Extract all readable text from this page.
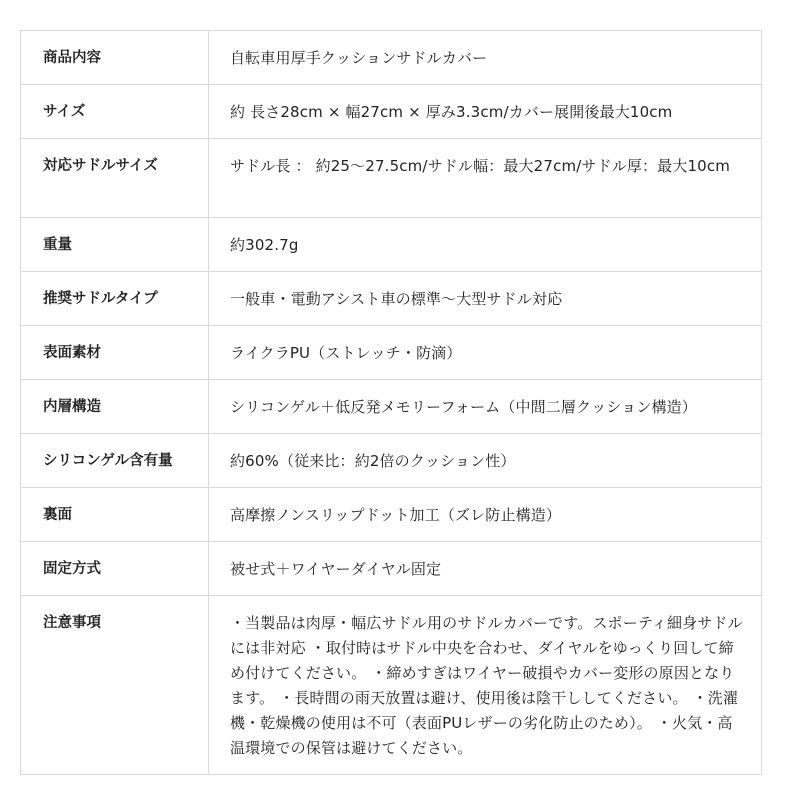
商品内容	自転車用厚手クッションサドルカバー
サイズ	約 長さ28cm × 幅27cm × 厚み3.3cm/カバー展開後最大10cm
対応サドルサイズ	サドル長 ： 約25〜27.5cm/サドル幅：最大27cm/サドル厚：最大10cm
重量	約302.7g
推奨サドルタイプ	一般車・電動アシスト車の標準〜大型サドル対応
表面素材	ライクラPU（ストレッチ・防滴）
内層構造	シリコンゲル＋低反発メモリーフォーム（中間二層クッション構造）
シリコンゲル含有量	約60%（従来比：約2倍のクッション性）
裏面	高摩擦ノンスリップドット加工（ズレ防止構造）
固定方式	被せ式＋ワイヤーダイヤル固定
注意事項	・当製品は肉厚・幅広サドル用のサドルカバーです。スポーティ細身サドルには非対応 ・取付時はサドル中央を合わせ、ダイヤルをゆっくり回して締め付けてください。 ・締めすぎはワイヤー破損やカバー変形の原因となります。 ・長時間の雨天放置は避け、使用後は陰干ししてください。 ・洗濯機・乾燥機の使用は不可（表面PUレザーの劣化防止のため）。 ・火気・高温環境での保管は避けてください。
